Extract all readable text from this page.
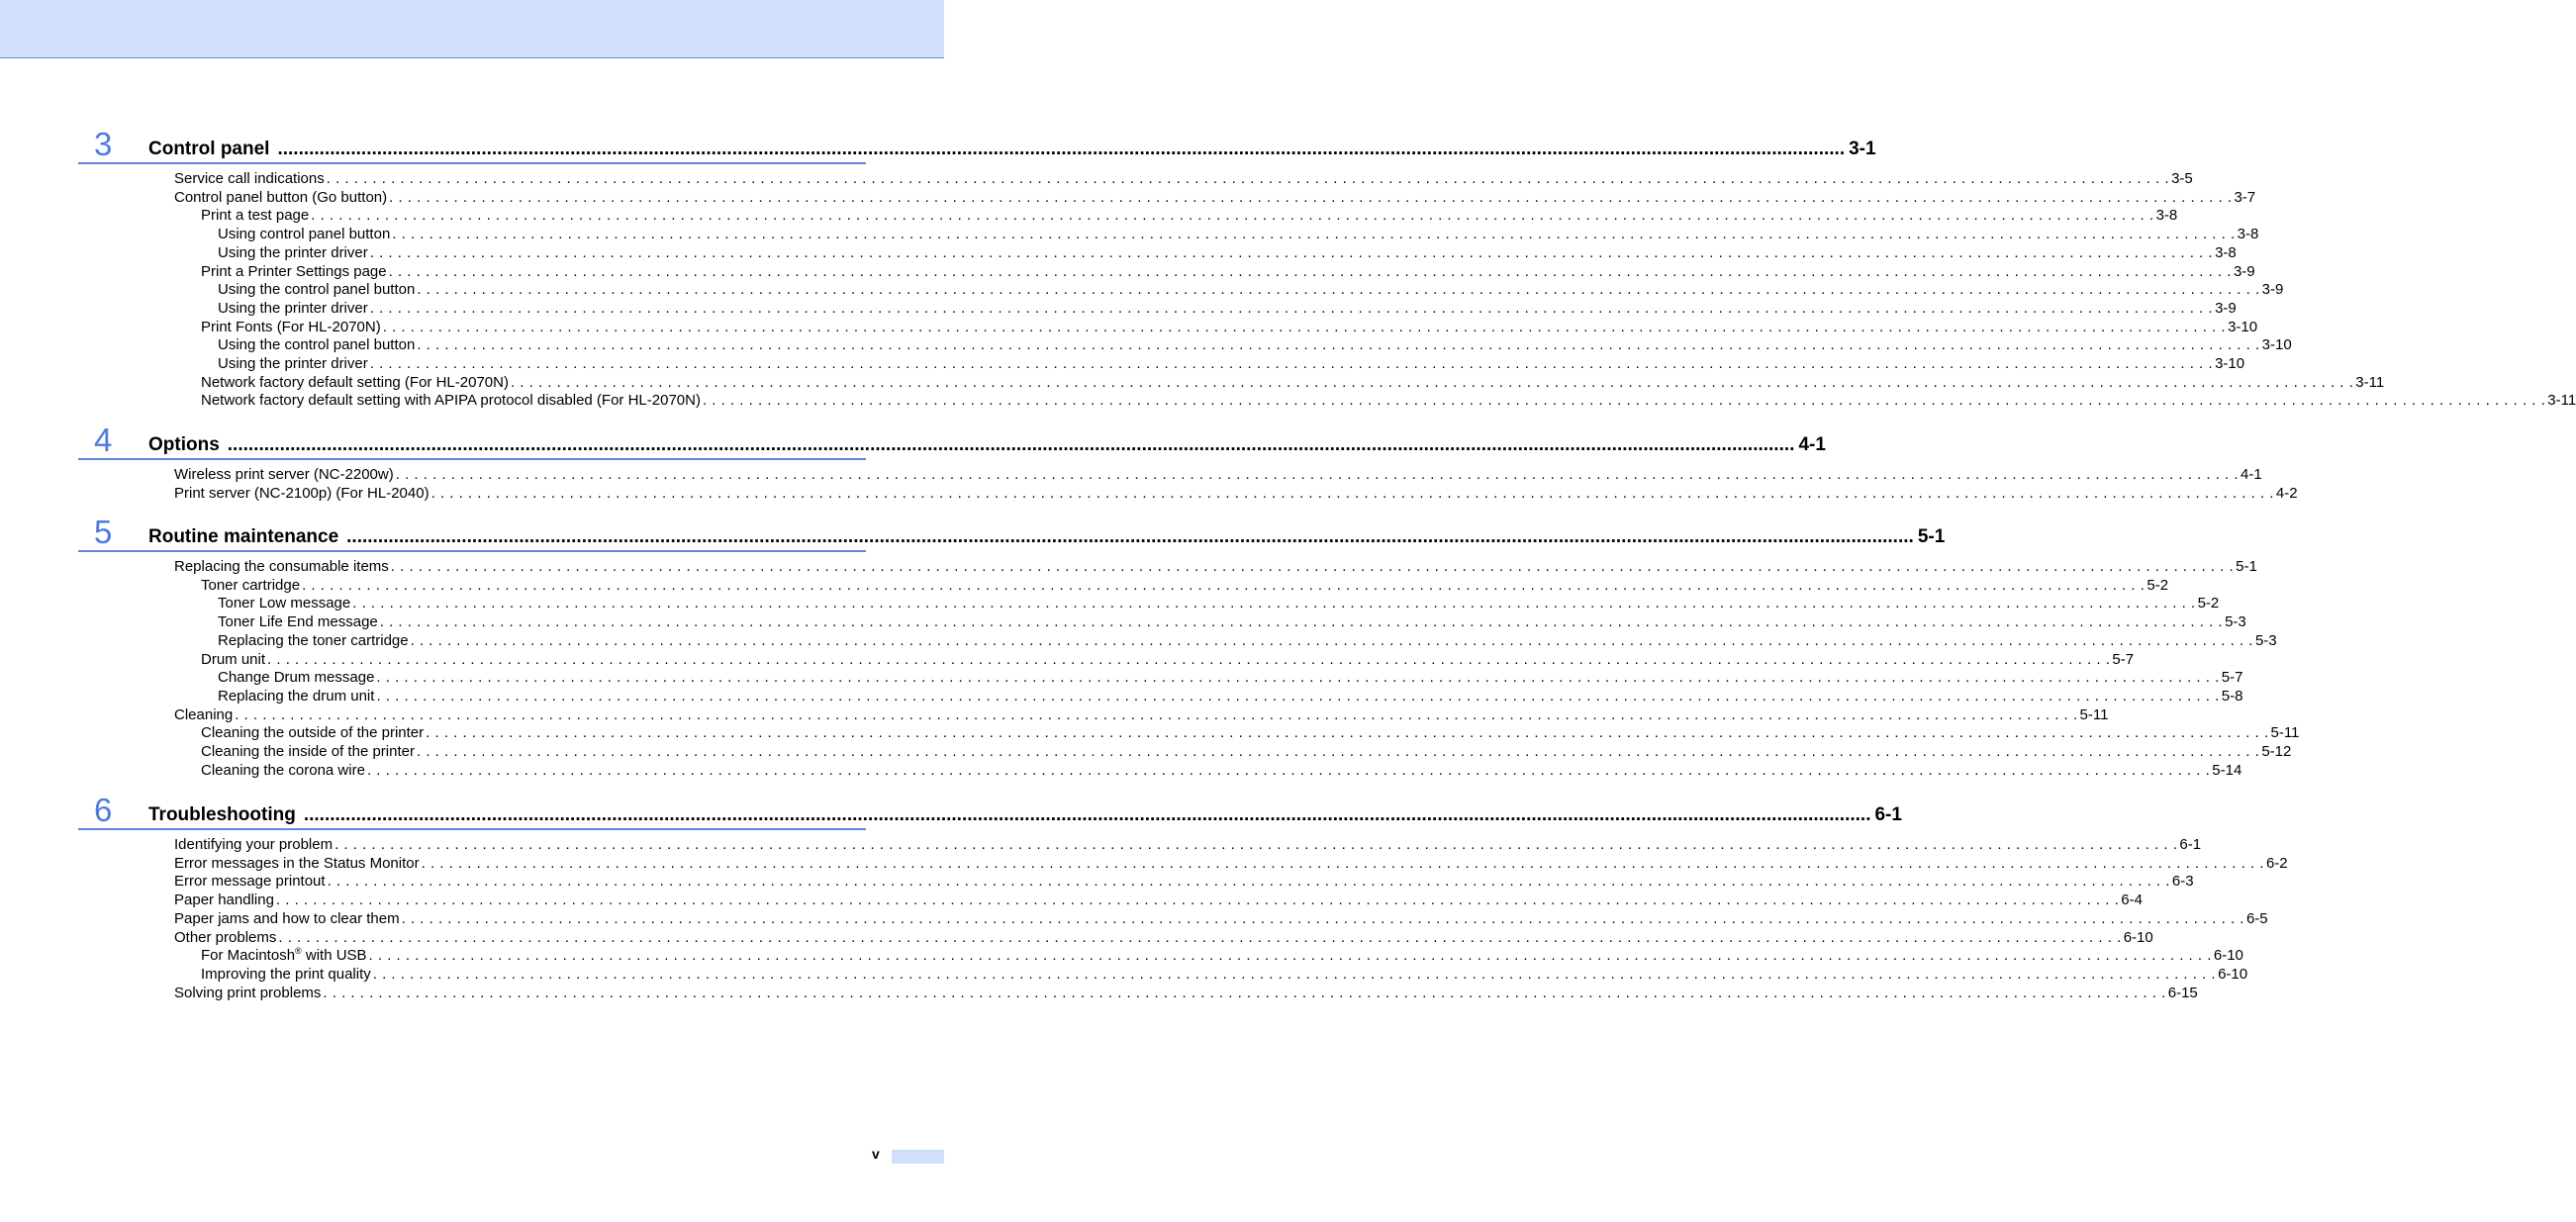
3 Control panel ............................................................................................................................................................................................................................................................................................................ 3-1
Service call indications . . . . . . . . . . . . . . . . . . . . . . . . . . . . . . . . . . . . . . . . . . . . . . . . . . . . . . . . . . . . . . . . . . . . . . . . . . . . . . . . . . . . . . . . . . . . . . . . . . . . . . . . . . . . . . . . . . . . . . . . . . . . . . . . . . . . . . . . . . . . . . . . . . . . . . . . . . . . . . . . . . . . . . . . . . . . . . . . . . . . . . . . . . . . . . . . . . . . . . . . 3-5
Control panel button (Go button) . . . . . . . . . . . . . . . . . . . . . . . . . . . . . . . . . . . . . . . . . . . . . . . . . . . . . . . . . . . . . . . . . . . . . . . . . . . . . . . . . . . . . . . . . . . . . . . . . . . . . . . . . . . . . . . . . . . . . . . . . . . . . . . . . . . . . . . . . . . . . . . . . . . . . . . . . . . . . . . . . . . . . . . . . . . . . . . . . . . . . . . . . . . . . . . . . . . . . . . . 3-7
Print a test page . . . . . . . . . . . . . . . . . . . . . . . . . . . . . . . . . . . . . . . . . . . . . . . . . . . . . . . . . . . . . . . . . . . . . . . . . . . . . . . . . . . . . . . . . . . . . . . . . . . . . . . . . . . . . . . . . . . . . . . . . . . . . . . . . . . . . . . . . . . . . . . . . . . . . . . . . . . . . . . . . . . . . . . . . . . . . . . . . . . . . . . . . . . . . . . . . . . . . . . . 3-8
Using control panel button . . . . . . . . . . . . . . . . . . . . . . . . . . . . . . . . . . . . . . . . . . . . . . . . . . . . . . . . . . . . . . . . . . . . . . . . . . . . . . . . . . . . . . . . . . . . . . . . . . . . . . . . . . . . . . . . . . . . . . . . . . . . . . . . . . . . . . . . . . . . . . . . . . . . . . . . . . . . . . . . . . . . . . . . . . . . . . . . . . . . . . . . . . . . . . . . . . . . . . . . 3-8
Using the printer driver . . . . . . . . . . . . . . . . . . . . . . . . . . . . . . . . . . . . . . . . . . . . . . . . . . . . . . . . . . . . . . . . . . . . . . . . . . . . . . . . . . . . . . . . . . . . . . . . . . . . . . . . . . . . . . . . . . . . . . . . . . . . . . . . . . . . . . . . . . . . . . . . . . . . . . . . . . . . . . . . . . . . . . . . . . . . . . . . . . . . . . . . . . . . . . . . . . . . . . . . 3-8
Print a Printer Settings page . . . . . . . . . . . . . . . . . . . . . . . . . . . . . . . . . . . . . . . . . . . . . . . . . . . . . . . . . . . . . . . . . . . . . . . . . . . . . . . . . . . . . . . . . . . . . . . . . . . . . . . . . . . . . . . . . . . . . . . . . . . . . . . . . . . . . . . . . . . . . . . . . . . . . . . . . . . . . . . . . . . . . . . . . . . . . . . . . . . . . . . . . . . . . . . . . . . . . . . . 3-9
Using the control panel button . . . . . . . . . . . . . . . . . . . . . . . . . . . . . . . . . . . . . . . . . . . . . . . . . . . . . . . . . . . . . . . . . . . . . . . . . . . . . . . . . . . . . . . . . . . . . . . . . . . . . . . . . . . . . . . . . . . . . . . . . . . . . . . . . . . . . . . . . . . . . . . . . . . . . . . . . . . . . . . . . . . . . . . . . . . . . . . . . . . . . . . . . . . . . . . . . . . . . . . . 3-9
Using the printer driver . . . . . . . . . . . . . . . . . . . . . . . . . . . . . . . . . . . . . . . . . . . . . . . . . . . . . . . . . . . . . . . . . . . . . . . . . . . . . . . . . . . . . . . . . . . . . . . . . . . . . . . . . . . . . . . . . . . . . . . . . . . . . . . . . . . . . . . . . . . . . . . . . . . . . . . . . . . . . . . . . . . . . . . . . . . . . . . . . . . . . . . . . . . . . . . . . . . . . . . . 3-9
Print Fonts (For HL-2070N) . . . . . . . . . . . . . . . . . . . . . . . . . . . . . . . . . . . . . . . . . . . . . . . . . . . . . . . . . . . . . . . . . . . . . . . . . . . . . . . . . . . . . . . . . . . . . . . . . . . . . . . . . . . . . . . . . . . . . . . . . . . . . . . . . . . . . . . . . . . . . . . . . . . . . . . . . . . . . . . . . . . . . . . . . . . . . . . . . . . . . . . . . . . . . . . . . . . . . . . . 3-10
Using the control panel button . . . . . . . . . . . . . . . . . . . . . . . . . . . . . . . . . . . . . . . . . . . . . . . . . . . . . . . . . . . . . . . . . . . . . . . . . . . . . . . . . . . . . . . . . . . . . . . . . . . . . . . . . . . . . . . . . . . . . . . . . . . . . . . . . . . . . . . . . . . . . . . . . . . . . . . . . . . . . . . . . . . . . . . . . . . . . . . . . . . . . . . . . . . . . . . . . . . . . . . . 3-10
Using the printer driver . . . . . . . . . . . . . . . . . . . . . . . . . . . . . . . . . . . . . . . . . . . . . . . . . . . . . . . . . . . . . . . . . . . . . . . . . . . . . . . . . . . . . . . . . . . . . . . . . . . . . . . . . . . . . . . . . . . . . . . . . . . . . . . . . . . . . . . . . . . . . . . . . . . . . . . . . . . . . . . . . . . . . . . . . . . . . . . . . . . . . . . . . . . . . . . . . . . . . . . . 3-10
Network factory default setting (For HL-2070N) . . . . . . . . . . . . . . . . . . . . . . . . . . . . . . . . . . . . . . . . . . . . . . . . . . . . . . . . . . . . . . . . . . . . . . . . . . . . . . . . . . . . . . . . . . . . . . . . . . . . . . . . . . . . . . . . . . . . . . . . . . . . . . . . . . . . . . . . . . . . . . . . . . . . . . . . . . . . . . . . . . . . . . . . . . . . . . . . . . . . . . . . . . . . . . . . . . . . . . . . 3-11
Network factory default setting with APIPA protocol disabled (For HL-2070N) . . . . . . . . . . . . . . . . . . . . . . . . . . . . . . . . . . . . . . . . . . . . . . . . . . . . . . . . . . . . . . . . . . . . . . . . . . . . . . . . . . . . . . . . . . . . . . . . . . . . . . . . . . . . . . . . . . . . . . . . . . . . . . . . . . . . . . . . . . . . . . . . . . . . . . . . . . . . . . . . . . . . . . . . . . . . . . . . . . . . . . . . . . . . . . . . . . . . . . . . 3-11
4 Options ............................................................................................................................................................................................................................................................................................................ 4-1
Wireless print server (NC-2200w) . . . . . . . . . . . . . . . . . . . . . . . . . . . . . . . . . . . . . . . . . . . . . . . . . . . . . . . . . . . . . . . . . . . . . . . . . . . . . . . . . . . . . . . . . . . . . . . . . . . . . . . . . . . . . . . . . . . . . . . . . . . . . . . . . . . . . . . . . . . . . . . . . . . . . . . . . . . . . . . . . . . . . . . . . . . . . . . . . . . . . . . . . . . . . . . . . . . . . . . . 4-1
Print server (NC-2100p) (For HL-2040) . . . . . . . . . . . . . . . . . . . . . . . . . . . . . . . . . . . . . . . . . . . . . . . . . . . . . . . . . . . . . . . . . . . . . . . . . . . . . . . . . . . . . . . . . . . . . . . . . . . . . . . . . . . . . . . . . . . . . . . . . . . . . . . . . . . . . . . . . . . . . . . . . . . . . . . . . . . . . . . . . . . . . . . . . . . . . . . . . . . . . . . . . . . . . . . . . . . . . . . . 4-2
5 Routine maintenance ............................................................................................................................................................................................................................................................................................................ 5-1
Replacing the consumable items . . . . . . . . . . . . . . . . . . . . . . . . . . . . . . . . . . . . . . . . . . . . . . . . . . . . . . . . . . . . . . . . . . . . . . . . . . . . . . . . . . . . . . . . . . . . . . . . . . . . . . . . . . . . . . . . . . . . . . . . . . . . . . . . . . . . . . . . . . . . . . . . . . . . . . . . . . . . . . . . . . . . . . . . . . . . . . . . . . . . . . . . . . . . . . . . . . . . . . . . 5-1
Toner cartridge . . . . . . . . . . . . . . . . . . . . . . . . . . . . . . . . . . . . . . . . . . . . . . . . . . . . . . . . . . . . . . . . . . . . . . . . . . . . . . . . . . . . . . . . . . . . . . . . . . . . . . . . . . . . . . . . . . . . . . . . . . . . . . . . . . . . . . . . . . . . . . . . . . . . . . . . . . . . . . . . . . . . . . . . . . . . . . . . . . . . . . . . . . . . . . . . . . . . . . . . 5-2
Toner Low message . . . . . . . . . . . . . . . . . . . . . . . . . . . . . . . . . . . . . . . . . . . . . . . . . . . . . . . . . . . . . . . . . . . . . . . . . . . . . . . . . . . . . . . . . . . . . . . . . . . . . . . . . . . . . . . . . . . . . . . . . . . . . . . . . . . . . . . . . . . . . . . . . . . . . . . . . . . . . . . . . . . . . . . . . . . . . . . . . . . . . . . . . . . . . . . . . . . . . . . . 5-2
Toner Life End message . . . . . . . . . . . . . . . . . . . . . . . . . . . . . . . . . . . . . . . . . . . . . . . . . . . . . . . . . . . . . . . . . . . . . . . . . . . . . . . . . . . . . . . . . . . . . . . . . . . . . . . . . . . . . . . . . . . . . . . . . . . . . . . . . . . . . . . . . . . . . . . . . . . . . . . . . . . . . . . . . . . . . . . . . . . . . . . . . . . . . . . . . . . . . . . . . . . . . . . . 5-3
Replacing the toner cartridge . . . . . . . . . . . . . . . . . . . . . . . . . . . . . . . . . . . . . . . . . . . . . . . . . . . . . . . . . . . . . . . . . . . . . . . . . . . . . . . . . . . . . . . . . . . . . . . . . . . . . . . . . . . . . . . . . . . . . . . . . . . . . . . . . . . . . . . . . . . . . . . . . . . . . . . . . . . . . . . . . . . . . . . . . . . . . . . . . . . . . . . . . . . . . . . . . . . . . . . . 5-3
Drum unit . . . . . . . . . . . . . . . . . . . . . . . . . . . . . . . . . . . . . . . . . . . . . . . . . . . . . . . . . . . . . . . . . . . . . . . . . . . . . . . . . . . . . . . . . . . . . . . . . . . . . . . . . . . . . . . . . . . . . . . . . . . . . . . . . . . . . . . . . . . . . . . . . . . . . . . . . . . . . . . . . . . . . . . . . . . . . . . . . . . . . . . . . . . . . . . . . . . . . . . . 5-7
Change Drum message . . . . . . . . . . . . . . . . . . . . . . . . . . . . . . . . . . . . . . . . . . . . . . . . . . . . . . . . . . . . . . . . . . . . . . . . . . . . . . . . . . . . . . . . . . . . . . . . . . . . . . . . . . . . . . . . . . . . . . . . . . . . . . . . . . . . . . . . . . . . . . . . . . . . . . . . . . . . . . . . . . . . . . . . . . . . . . . . . . . . . . . . . . . . . . . . . . . . . . . . 5-7
Replacing the drum unit . . . . . . . . . . . . . . . . . . . . . . . . . . . . . . . . . . . . . . . . . . . . . . . . . . . . . . . . . . . . . . . . . . . . . . . . . . . . . . . . . . . . . . . . . . . . . . . . . . . . . . . . . . . . . . . . . . . . . . . . . . . . . . . . . . . . . . . . . . . . . . . . . . . . . . . . . . . . . . . . . . . . . . . . . . . . . . . . . . . . . . . . . . . . . . . . . . . . . . . . 5-8
Cleaning . . . . . . . . . . . . . . . . . . . . . . . . . . . . . . . . . . . . . . . . . . . . . . . . . . . . . . . . . . . . . . . . . . . . . . . . . . . . . . . . . . . . . . . . . . . . . . . . . . . . . . . . . . . . . . . . . . . . . . . . . . . . . . . . . . . . . . . . . . . . . . . . . . . . . . . . . . . . . . . . . . . . . . . . . . . . . . . . . . . . . . . . . . . . . . . . . . . . . . . . 5-11
Cleaning the outside of the printer . . . . . . . . . . . . . . . . . . . . . . . . . . . . . . . . . . . . . . . . . . . . . . . . . . . . . . . . . . . . . . . . . . . . . . . . . . . . . . . . . . . . . . . . . . . . . . . . . . . . . . . . . . . . . . . . . . . . . . . . . . . . . . . . . . . . . . . . . . . . . . . . . . . . . . . . . . . . . . . . . . . . . . . . . . . . . . . . . . . . . . . . . . . . . . . . . . . . . . . . 5-11
Cleaning the inside of the printer . . . . . . . . . . . . . . . . . . . . . . . . . . . . . . . . . . . . . . . . . . . . . . . . . . . . . . . . . . . . . . . . . . . . . . . . . . . . . . . . . . . . . . . . . . . . . . . . . . . . . . . . . . . . . . . . . . . . . . . . . . . . . . . . . . . . . . . . . . . . . . . . . . . . . . . . . . . . . . . . . . . . . . . . . . . . . . . . . . . . . . . . . . . . . . . . . . . . . . . . 5-12
Cleaning the corona wire . . . . . . . . . . . . . . . . . . . . . . . . . . . . . . . . . . . . . . . . . . . . . . . . . . . . . . . . . . . . . . . . . . . . . . . . . . . . . . . . . . . . . . . . . . . . . . . . . . . . . . . . . . . . . . . . . . . . . . . . . . . . . . . . . . . . . . . . . . . . . . . . . . . . . . . . . . . . . . . . . . . . . . . . . . . . . . . . . . . . . . . . . . . . . . . . . . . . . . . . 5-14
6 Troubleshooting ............................................................................................................................................................................................................................................................................................................ 6-1
Identifying your problem . . . . . . . . . . . . . . . . . . . . . . . . . . . . . . . . . . . . . . . . . . . . . . . . . . . . . . . . . . . . . . . . . . . . . . . . . . . . . . . . . . . . . . . . . . . . . . . . . . . . . . . . . . . . . . . . . . . . . . . . . . . . . . . . . . . . . . . . . . . . . . . . . . . . . . . . . . . . . . . . . . . . . . . . . . . . . . . . . . . . . . . . . . . . . . . . . . . . . . . . 6-1
Error messages in the Status Monitor . . . . . . . . . . . . . . . . . . . . . . . . . . . . . . . . . . . . . . . . . . . . . . . . . . . . . . . . . . . . . . . . . . . . . . . . . . . . . . . . . . . . . . . . . . . . . . . . . . . . . . . . . . . . . . . . . . . . . . . . . . . . . . . . . . . . . . . . . . . . . . . . . . . . . . . . . . . . . . . . . . . . . . . . . . . . . . . . . . . . . . . . . . . . . . . . . . . . . . . . 6-2
Error message printout . . . . . . . . . . . . . . . . . . . . . . . . . . . . . . . . . . . . . . . . . . . . . . . . . . . . . . . . . . . . . . . . . . . . . . . . . . . . . . . . . . . . . . . . . . . . . . . . . . . . . . . . . . . . . . . . . . . . . . . . . . . . . . . . . . . . . . . . . . . . . . . . . . . . . . . . . . . . . . . . . . . . . . . . . . . . . . . . . . . . . . . . . . . . . . . . . . . . . . . . 6-3
Paper handling . . . . . . . . . . . . . . . . . . . . . . . . . . . . . . . . . . . . . . . . . . . . . . . . . . . . . . . . . . . . . . . . . . . . . . . . . . . . . . . . . . . . . . . . . . . . . . . . . . . . . . . . . . . . . . . . . . . . . . . . . . . . . . . . . . . . . . . . . . . . . . . . . . . . . . . . . . . . . . . . . . . . . . . . . . . . . . . . . . . . . . . . . . . . . . . . . . . . . . . . 6-4
Paper jams and how to clear them . . . . . . . . . . . . . . . . . . . . . . . . . . . . . . . . . . . . . . . . . . . . . . . . . . . . . . . . . . . . . . . . . . . . . . . . . . . . . . . . . . . . . . . . . . . . . . . . . . . . . . . . . . . . . . . . . . . . . . . . . . . . . . . . . . . . . . . . . . . . . . . . . . . . . . . . . . . . . . . . . . . . . . . . . . . . . . . . . . . . . . . . . . . . . . . . . . . . . . . . 6-5
Other problems . . . . . . . . . . . . . . . . . . . . . . . . . . . . . . . . . . . . . . . . . . . . . . . . . . . . . . . . . . . . . . . . . . . . . . . . . . . . . . . . . . . . . . . . . . . . . . . . . . . . . . . . . . . . . . . . . . . . . . . . . . . . . . . . . . . . . . . . . . . . . . . . . . . . . . . . . . . . . . . . . . . . . . . . . . . . . . . . . . . . . . . . . . . . . . . . . . . . . . . . 6-10
For Macintosh® with USB . . . . . . . . . . . . . . . . . . . . . . . . . . . . . . . . . . . . . . . . . . . . . . . . . . . . . . . . . . . . . . . . . . . . . . . . . . . . . . . . . . . . . . . . . . . . . . . . . . . . . . . . . . . . . . . . . . . . . . . . . . . . . . . . . . . . . . . . . . . . . . . . . . . . . . . . . . . . . . . . . . . . . . . . . . . . . . . . . . . . . . . . . . . . . . . . . . . . . . . . 6-10
Improving the print quality . . . . . . . . . . . . . . . . . . . . . . . . . . . . . . . . . . . . . . . . . . . . . . . . . . . . . . . . . . . . . . . . . . . . . . . . . . . . . . . . . . . . . . . . . . . . . . . . . . . . . . . . . . . . . . . . . . . . . . . . . . . . . . . . . . . . . . . . . . . . . . . . . . . . . . . . . . . . . . . . . . . . . . . . . . . . . . . . . . . . . . . . . . . . . . . . . . . . . . . . 6-10
Solving print problems . . . . . . . . . . . . . . . . . . . . . . . . . . . . . . . . . . . . . . . . . . . . . . . . . . . . . . . . . . . . . . . . . . . . . . . . . . . . . . . . . . . . . . . . . . . . . . . . . . . . . . . . . . . . . . . . . . . . . . . . . . . . . . . . . . . . . . . . . . . . . . . . . . . . . . . . . . . . . . . . . . . . . . . . . . . . . . . . . . . . . . . . . . . . . . . . . . . . . . . . 6-15
v
